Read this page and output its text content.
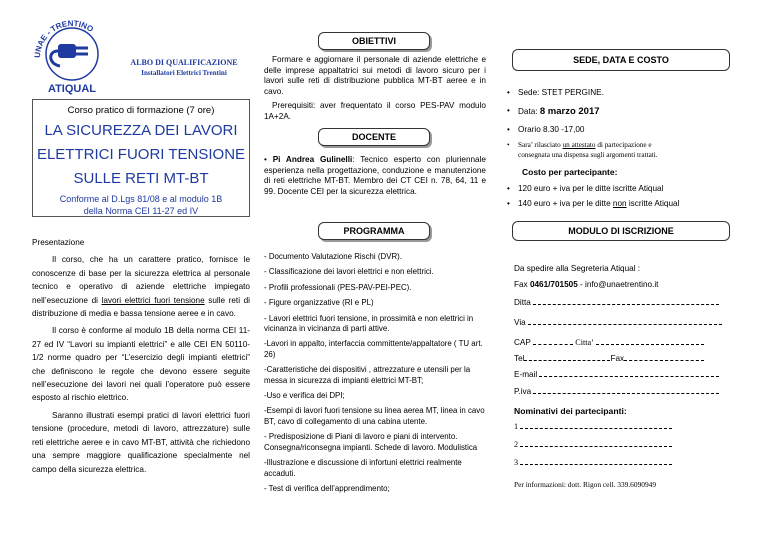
UNAE - TRENTINO
ATIQUAL
ALBO DI QUALIFICAZIONE
Installatori Elettrici Trentini
Corso pratico di formazione (7 ore)
LA SICUREZZA DEI LAVORI
ELETTRICI FUORI TENSIONE
SULLE RETI MT-BT
Conforme al D.Lgs 81/08 e al modulo 1B
della Norma CEI 11-27 ed IV
Presentazione

Il corso, che ha un carattere pratico, fornisce le conoscenze di base per la sicurezza elettrica al personale tecnico e operativo di aziende elettriche impiegato nell’esecuzione di lavori elettrici fuori tensione sulle reti di distribuzione di media e bassa tensione aeree e in cavo.

Il corso è conforme al modulo 1B della norma CEI 11-27 ed IV “Lavori su impianti elettrici” e alle CEI EN 50110-1/2 norme quadro per “L’esercizio degli impianti elettrici” che definiscono le regole che devono essere seguite nell’esecuzione dei lavori nei quali l’operatore può essere esposto al rischio elettrico.

Saranno illustrati esempi pratici di lavori elettrici fuori tensione (procedure, metodi di lavoro, attrezzature) sulle reti elettriche aeree e in cavo MT-BT, attività che richiedono una sempre maggiore qualificazione specialmente nel campo della sicurezza elettrica.

OBIETTIVI
Formare e aggiornare il personale di aziende elettriche e delle imprese appaltatrici sui metodi di lavoro sicuro per i lavori sulle reti di distribuzione pubblica MT-BT aeree e in cavo.
Prerequisiti: aver frequentato il corso PES-PAV modulo 1A+2A.
DOCENTE
• Pi Andrea Gulinelli: Tecnico esperto con pluriennale esperienza nella progettazione, conduzione e manutenzione di reti elettriche MT-BT. Membro dei CT CEI n. 78, 64, 11 e 99. Docente CEI per la sicurezza elettrica.
PROGRAMMA
- Documento Valutazione Rischi (DVR).
- Classificazione dei lavori elettrici e non elettrici.
- Profili professionali (PES-PAV-PEI-PEC).
- Figure organizzative (RI e PL)
- Lavori elettrici fuori tensione, in prossimità e non elettrici in vicinanza in vicinanza di parti attive.
-Lavori in appalto, interfaccia committente/appaltatore ( TU art. 26)
-Caratteristiche dei dispositivi , attrezzature e utensili per la messa in sicurezza di impianti elettrici MT-BT;
-Uso e verifica dei DPI;
-Esempi di lavori fuori tensione su linea aerea MT, linea in cavo BT, cavo di collegamento di una cabina utente.
- Predisposizione di Piani di lavoro e piani di intervento. Consegna/riconsegna impianti. Schede di lavoro. Modulistica
-Illustrazione e discussione di infortuni elettrici realmente accaduti.
- Test di verifica dell’apprendimento;
SEDE, DATA E COSTO
• Sede: STET PERGINE.
• Data: 8 marzo 2017
• Orario 8.30 -17,00
• Sara’ rilasciato un attestato di partecipazione e
consegnata una dispensa sugli argomenti trattati.
Costo per partecipante:
• 120 euro + iva per le ditte iscritte Atiqual
• 140 euro + iva per le ditte non iscritte Atiqual
MODULO DI ISCRIZIONE
Da spedire alla Segreteria Atiqual :
Fax 0461/701505 - info@unaetrentino.it
Ditta
Via
CAP	Citta’
Tel	Fax
E-mail
P.iva
Nominativi dei partecipanti:
1
2
3
Per informazioni: dott. Rigon cell. 339.6090949
